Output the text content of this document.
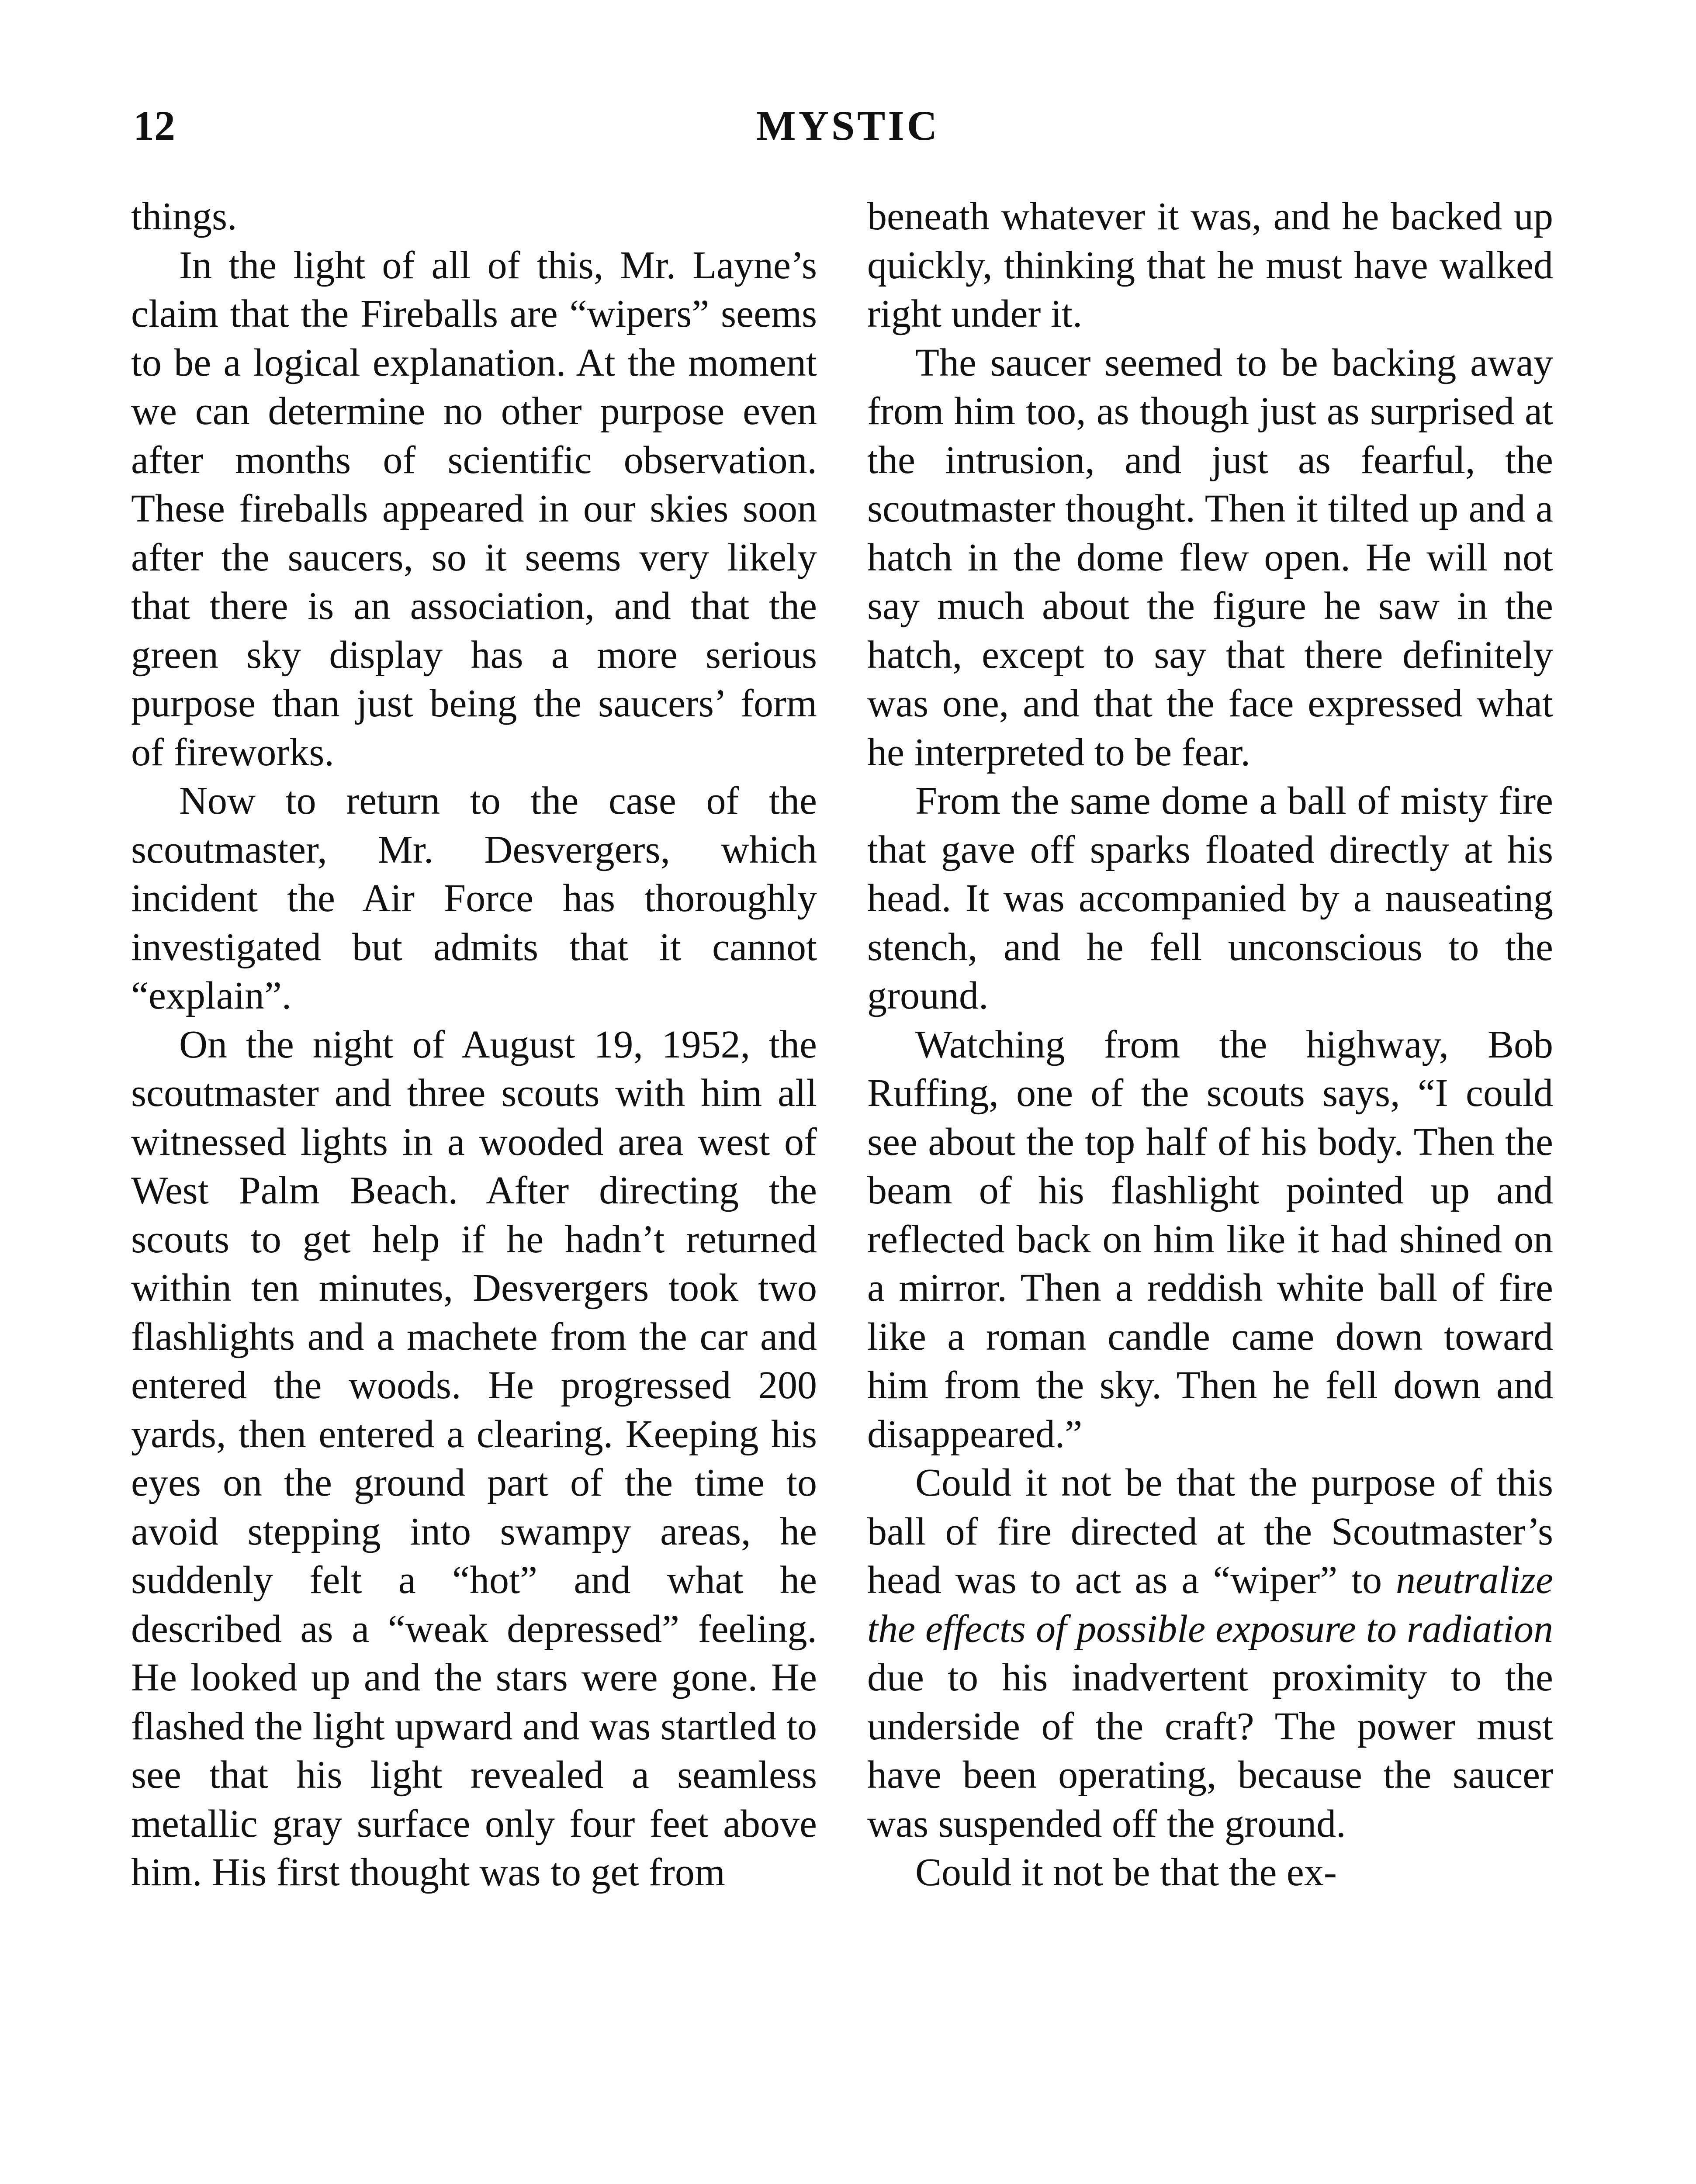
12	MYSTIC

things.

In the light of all of this, Mr. Layne’s claim that the Fireballs are “wipers” seems to be a logical explanation. At the moment we can determine no other purpose even after months of scientific observation. These fireballs appeared in our skies soon after the saucers, so it seems very likely that there is an association, and that the green sky display has a more serious purpose than just being the saucers’ form of fireworks.

Now to return to the case of the scoutmaster, Mr. Desvergers, which incident the Air Force has thoroughly investigated but admits that it cannot “explain”.

On the night of August 19, 1952, the scoutmaster and three scouts with him all witnessed lights in a wooded area west of West Palm Beach. After directing the scouts to get help if he hadn’t returned within ten minutes, Desvergers took two flashlights and a machete from the car and entered the woods. He progressed 200 yards, then entered a clearing. Keeping his eyes on the ground part of the time to avoid stepping into swampy areas, he suddenly felt a “hot” and what he described as a “weak depressed” feeling. He looked up and the stars were gone. He flashed the light upward and was startled to see that his light revealed a seamless metallic gray surface only four feet above him. His first thought was to get from

beneath whatever it was, and he backed up quickly, thinking that he must have walked right under it.

The saucer seemed to be backing away from him too, as though just as surprised at the intrusion, and just as fearful, the scoutmaster thought. Then it tilted up and a hatch in the dome flew open. He will not say much about the figure he saw in the hatch, except to say that there definitely was one, and that the face expressed what he interpreted to be fear.

From the same dome a ball of misty fire that gave off sparks floated directly at his head. It was accompanied by a nauseating stench, and he fell unconscious to the ground.

Watching from the highway, Bob Ruffing, one of the scouts says, “I could see about the top half of his body. Then the beam of his flashlight pointed up and reflected back on him like it had shined on a mirror. Then a reddish white ball of fire like a roman candle came down toward him from the sky. Then he fell down and disappeared.”

Could it not be that the purpose of this ball of fire directed at the Scoutmaster’s head was to act as a “wiper” to neutralize the effects of possible exposure to radiation due to his inadvertent proximity to the underside of the craft? The power must have been operating, because the saucer was suspended off the ground.

Could it not be that the ex-
